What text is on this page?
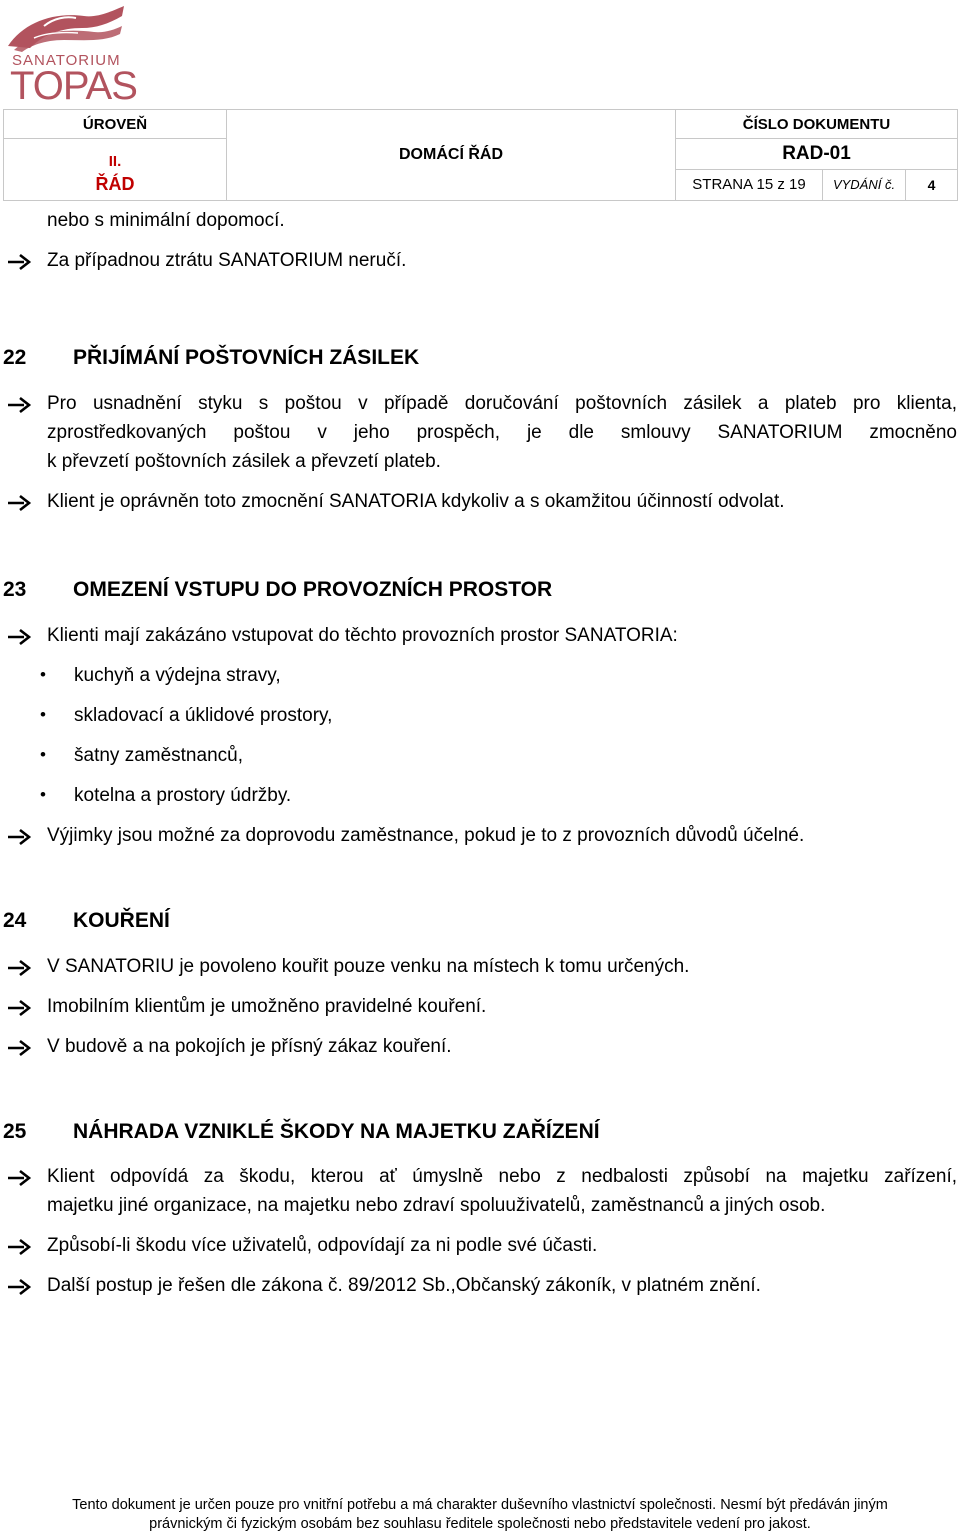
SANATORIUM
TOPAS
ÚROVEŇ	DOMÁCÍ ŘÁD	ČÍSLO DOKUMENTU		
II.		RAD-01		
ŘÁD		STRANA 15 z 19	VYDÁNÍ č.	4
nebo s minimální dopomocí.
Za případnou ztrátu SANATORIUM neručí.
22 PŘIJÍMÁNÍ POŠTOVNÍCH ZÁSILEK
Pro usnadnění styku s poštou v případě doručování poštovních zásilek a plateb pro klienta,
zprostředkovaných poštou v jeho prospěch, je dle smlouvy SANATORIUM zmocněno
k převzetí poštovních zásilek a převzetí plateb.
Klient je oprávněn toto zmocnění SANATORIA kdykoliv a s okamžitou účinností odvolat.
23 OMEZENÍ VSTUPU DO PROVOZNÍCH PROSTOR
Klienti mají zakázáno vstupovat do těchto provozních prostor SANATORIA:
• kuchyň a výdejna stravy,
• skladovací a úklidové prostory,
• šatny zaměstnanců,
• kotelna a prostory údržby.
Výjimky jsou možné za doprovodu zaměstnance, pokud je to z provozních důvodů účelné.
24 KOUŘENÍ
V SANATORIU je povoleno kouřit pouze venku na místech k tomu určených.
Imobilním klientům je umožněno pravidelné kouření.
V budově a na pokojích je přísný zákaz kouření.
25 NÁHRADA VZNIKLÉ ŠKODY NA MAJETKU ZAŘÍZENÍ
Klient odpovídá za škodu, kterou ať úmyslně nebo z nedbalosti způsobí na majetku zařízení,
majetku jiné organizace, na majetku nebo zdraví spoluuživatelů, zaměstnanců a jiných osob.
Způsobí-li škodu více uživatelů, odpovídají za ni podle své účasti.
Další postup je řešen dle zákona č. 89/2012 Sb.,Občanský zákoník, v platném znění.
Tento dokument je určen pouze pro vnitřní potřebu a má charakter duševního vlastnictví společnosti. Nesmí být předáván jiným
právnickým či fyzickým osobám bez souhlasu ředitele společnosti nebo představitele vedení pro jakost.
